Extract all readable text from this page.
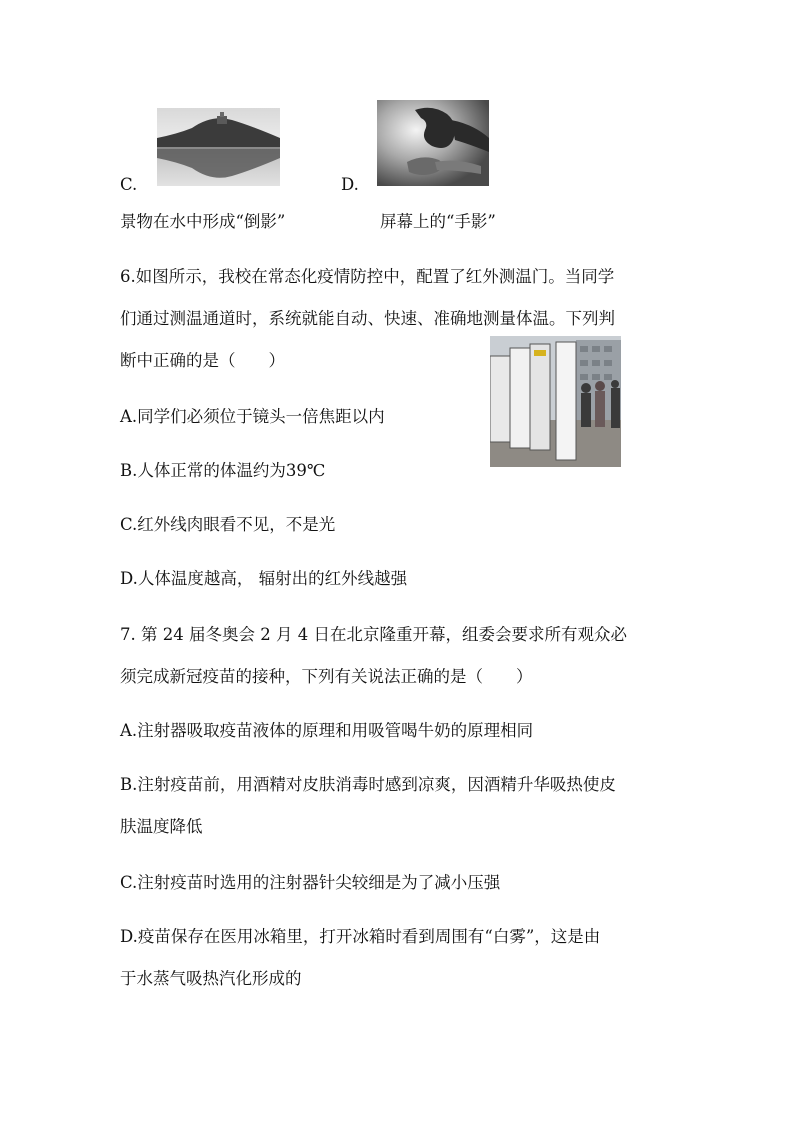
C.	D.
景物在水中形成“倒影”	屏幕上的“手影”
6.如图所示，我校在常态化疫情防控中，配置了红外测温门。当同学
们通过测温通道时，系统就能自动、快速、准确地测量体温。下列判
断中正确的是（　　）
A.同学们必须位于镜头一倍焦距以内
B.人体正常的体温约为39℃
C.红外线肉眼看不见，不是光
D.人体温度越高， 辐射出的红外线越强
7. 第 24 届冬奥会 2 月 4 日在北京隆重开幕，组委会要求所有观众必
须完成新冠疫苗的接种，下列有关说法正确的是（　　）
A.注射器吸取疫苗液体的原理和用吸管喝牛奶的原理相同
B.注射疫苗前，用酒精对皮肤消毒时感到凉爽，因酒精升华吸热使皮
肤温度降低
C.注射疫苗时选用的注射器针尖较细是为了减小压强
D.疫苗保存在医用冰箱里，打开冰箱时看到周围有“白雾”，这是由
于水蒸气吸热汽化形成的
